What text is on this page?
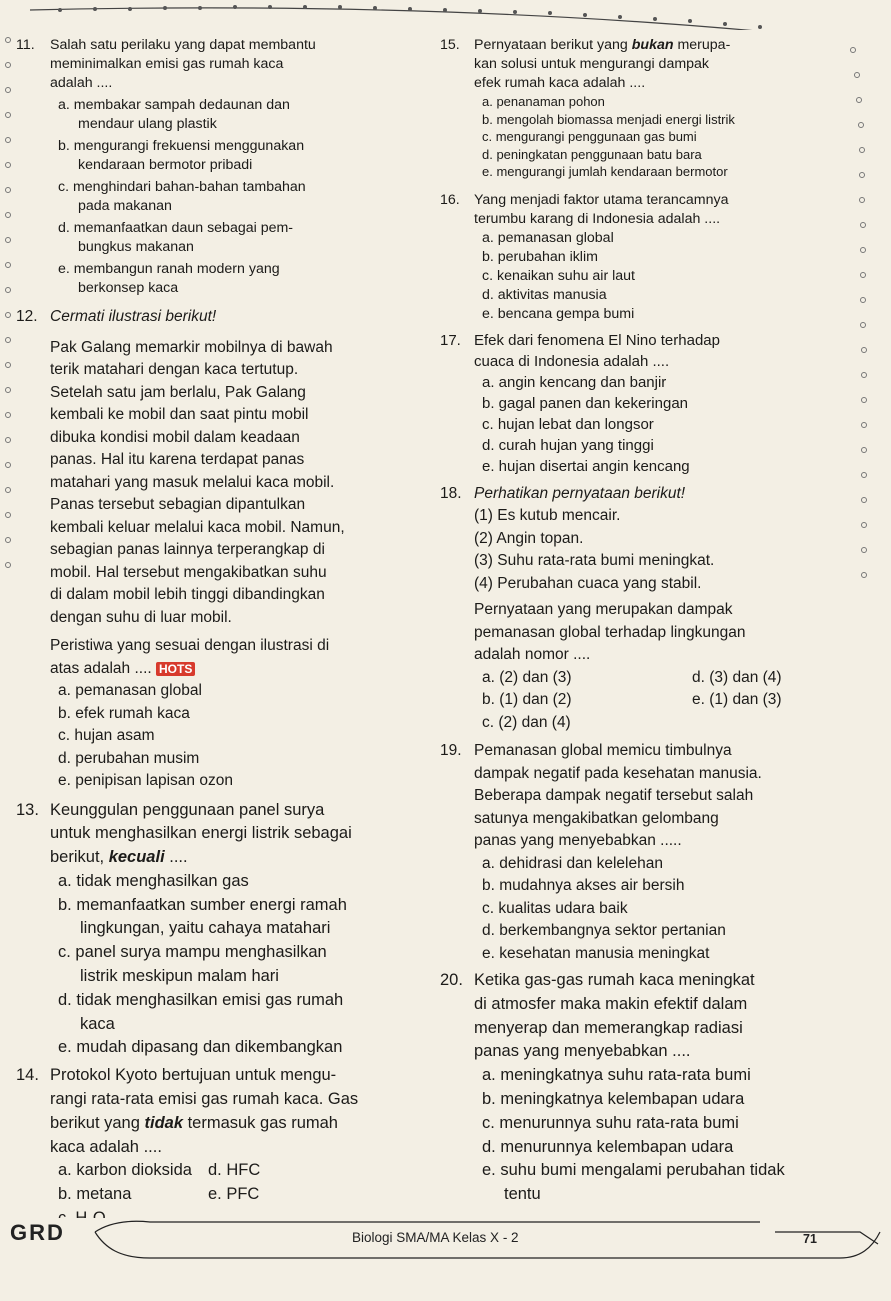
11. Salah satu perilaku yang dapat membantu
meminimalkan emisi gas rumah kaca
adalah ....
a. membakar sampah dedaunan dan
mendaur ulang plastik
b. mengurangi frekuensi menggunakan
kendaraan bermotor pribadi
c. menghindari bahan-bahan tambahan
pada makanan
d. memanfaatkan daun sebagai pem-
bungkus makanan
e. membangun ranah modern yang
berkonsep kaca
12. Cermati ilustrasi berikut!
Pak Galang memarkir mobilnya di bawah
terik matahari dengan kaca tertutup.
Setelah satu jam berlalu, Pak Galang
kembali ke mobil dan saat pintu mobil
dibuka kondisi mobil dalam keadaan
panas. Hal itu karena terdapat panas
matahari yang masuk melalui kaca mobil.
Panas tersebut sebagian dipantulkan
kembali keluar melalui kaca mobil. Namun,
sebagian panas lainnya terperangkap di
mobil. Hal tersebut mengakibatkan suhu
di dalam mobil lebih tinggi dibandingkan
dengan suhu di luar mobil.
Peristiwa yang sesuai dengan ilustrasi di
atas adalah .... HOTS
a. pemanasan global
b. efek rumah kaca
c. hujan asam
d. perubahan musim
e. penipisan lapisan ozon
13. Keunggulan penggunaan panel surya
untuk menghasilkan energi listrik sebagai
berikut, kecuali ....
a. tidak menghasilkan gas
b. memanfaatkan sumber energi ramah
lingkungan, yaitu cahaya matahari
c. panel surya mampu menghasilkan
listrik meskipun malam hari
d. tidak menghasilkan emisi gas rumah
kaca
e. mudah dipasang dan dikembangkan
14. Protokol Kyoto bertujuan untuk mengu-
rangi rata-rata emisi gas rumah kaca. Gas
berikut yang tidak termasuk gas rumah
kaca adalah ....
a. karbon dioksida d. HFC
b. metana	e. PFC
15. Pernyataan berikut yang bukan merupa-
kan solusi untuk mengurangi dampak
efek rumah kaca adalah ....
a. penanaman pohon
b. mengolah biomassa menjadi energi listrik
c. mengurangi penggunaan gas bumi
d. peningkatan penggunaan batu bara
e. mengurangi jumlah kendaraan bermotor
16. Yang menjadi faktor utama terancamnya
terumbu karang di Indonesia adalah ....
a. pemanasan global
b. perubahan iklim
c. kenaikan suhu air laut
d. aktivitas manusia
e. bencana gempa bumi
17. Efek dari fenomena El Nino terhadap
cuaca di Indonesia adalah ....
a. angin kencang dan banjir
b. gagal panen dan kekeringan
c. hujan lebat dan longsor
d. curah hujan yang tinggi
e. hujan disertai angin kencang
18. Perhatikan pernyataan berikut!
(1) Es kutub mencair.
(2) Angin topan.
(3) Suhu rata-rata bumi meningkat.
(4) Perubahan cuaca yang stabil.
Pernyataan yang merupakan dampak
pemanasan global terhadap lingkungan
adalah nomor ....
a. (2) dan (3)	d. (3) dan (4)
b. (1) dan (2)	e. (1) dan (3)
c. (2) dan (4)
19. Pemanasan global memicu timbulnya
dampak negatif pada kesehatan manusia.
Beberapa dampak negatif tersebut salah
satunya mengakibatkan gelombang
panas yang menyebabkan .....
a. dehidrasi dan kelelehan
b. mudahnya akses air bersih
c. kualitas udara baik
d. berkembangnya sektor pertanian
e. kesehatan manusia meningkat
20. Ketika gas-gas rumah kaca meningkat
di atmosfer maka makin efektif dalam
menyerap dan memerangkap radiasi
panas yang menyebabkan ....
a. meningkatnya suhu rata-rata bumi
b. meningkatnya kelembapan udara
c. menurunnya suhu rata-rata bumi
d. menurunnya kelembapan udara
e. suhu bumi mengalami perubahan tidak
tentu
GRD	Biologi SMA/MA Kelas X - 2	71
